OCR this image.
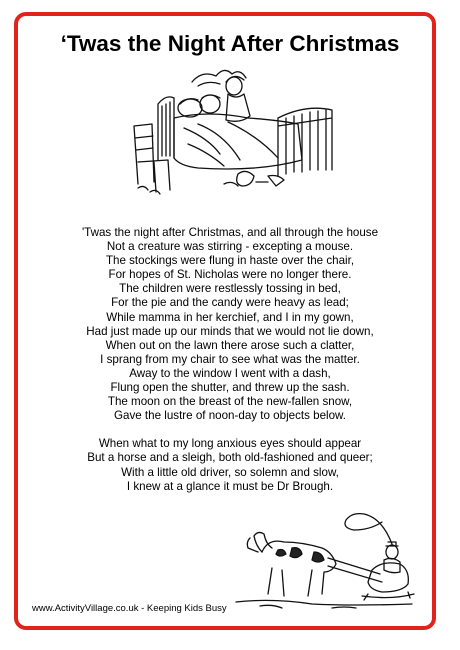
‘Twas the Night After Christmas
'Twas the night after Christmas, and all through the house
Not a creature was stirring - excepting a mouse.
The stockings were flung in haste over the chair,
For hopes of St. Nicholas were no longer there.
The children were restlessly tossing in bed,
For the pie and the candy were heavy as lead;
While mamma in her kerchief, and I in my gown,
Had just made up our minds that we would not lie down,
When out on the lawn there arose such a clatter,
I sprang from my chair to see what was the matter.
Away to the window I went with a dash,
Flung open the shutter, and threw up the sash.
The moon on the breast of the new-fallen snow,
Gave the lustre of noon-day to objects below.
When what to my long anxious eyes should appear
But a horse and a sleigh, both old-fashioned and queer;
With a little old driver, so solemn and slow,
I knew at a glance it must be Dr Brough.
www.ActivityVillage.co.uk - Keeping Kids Busy
